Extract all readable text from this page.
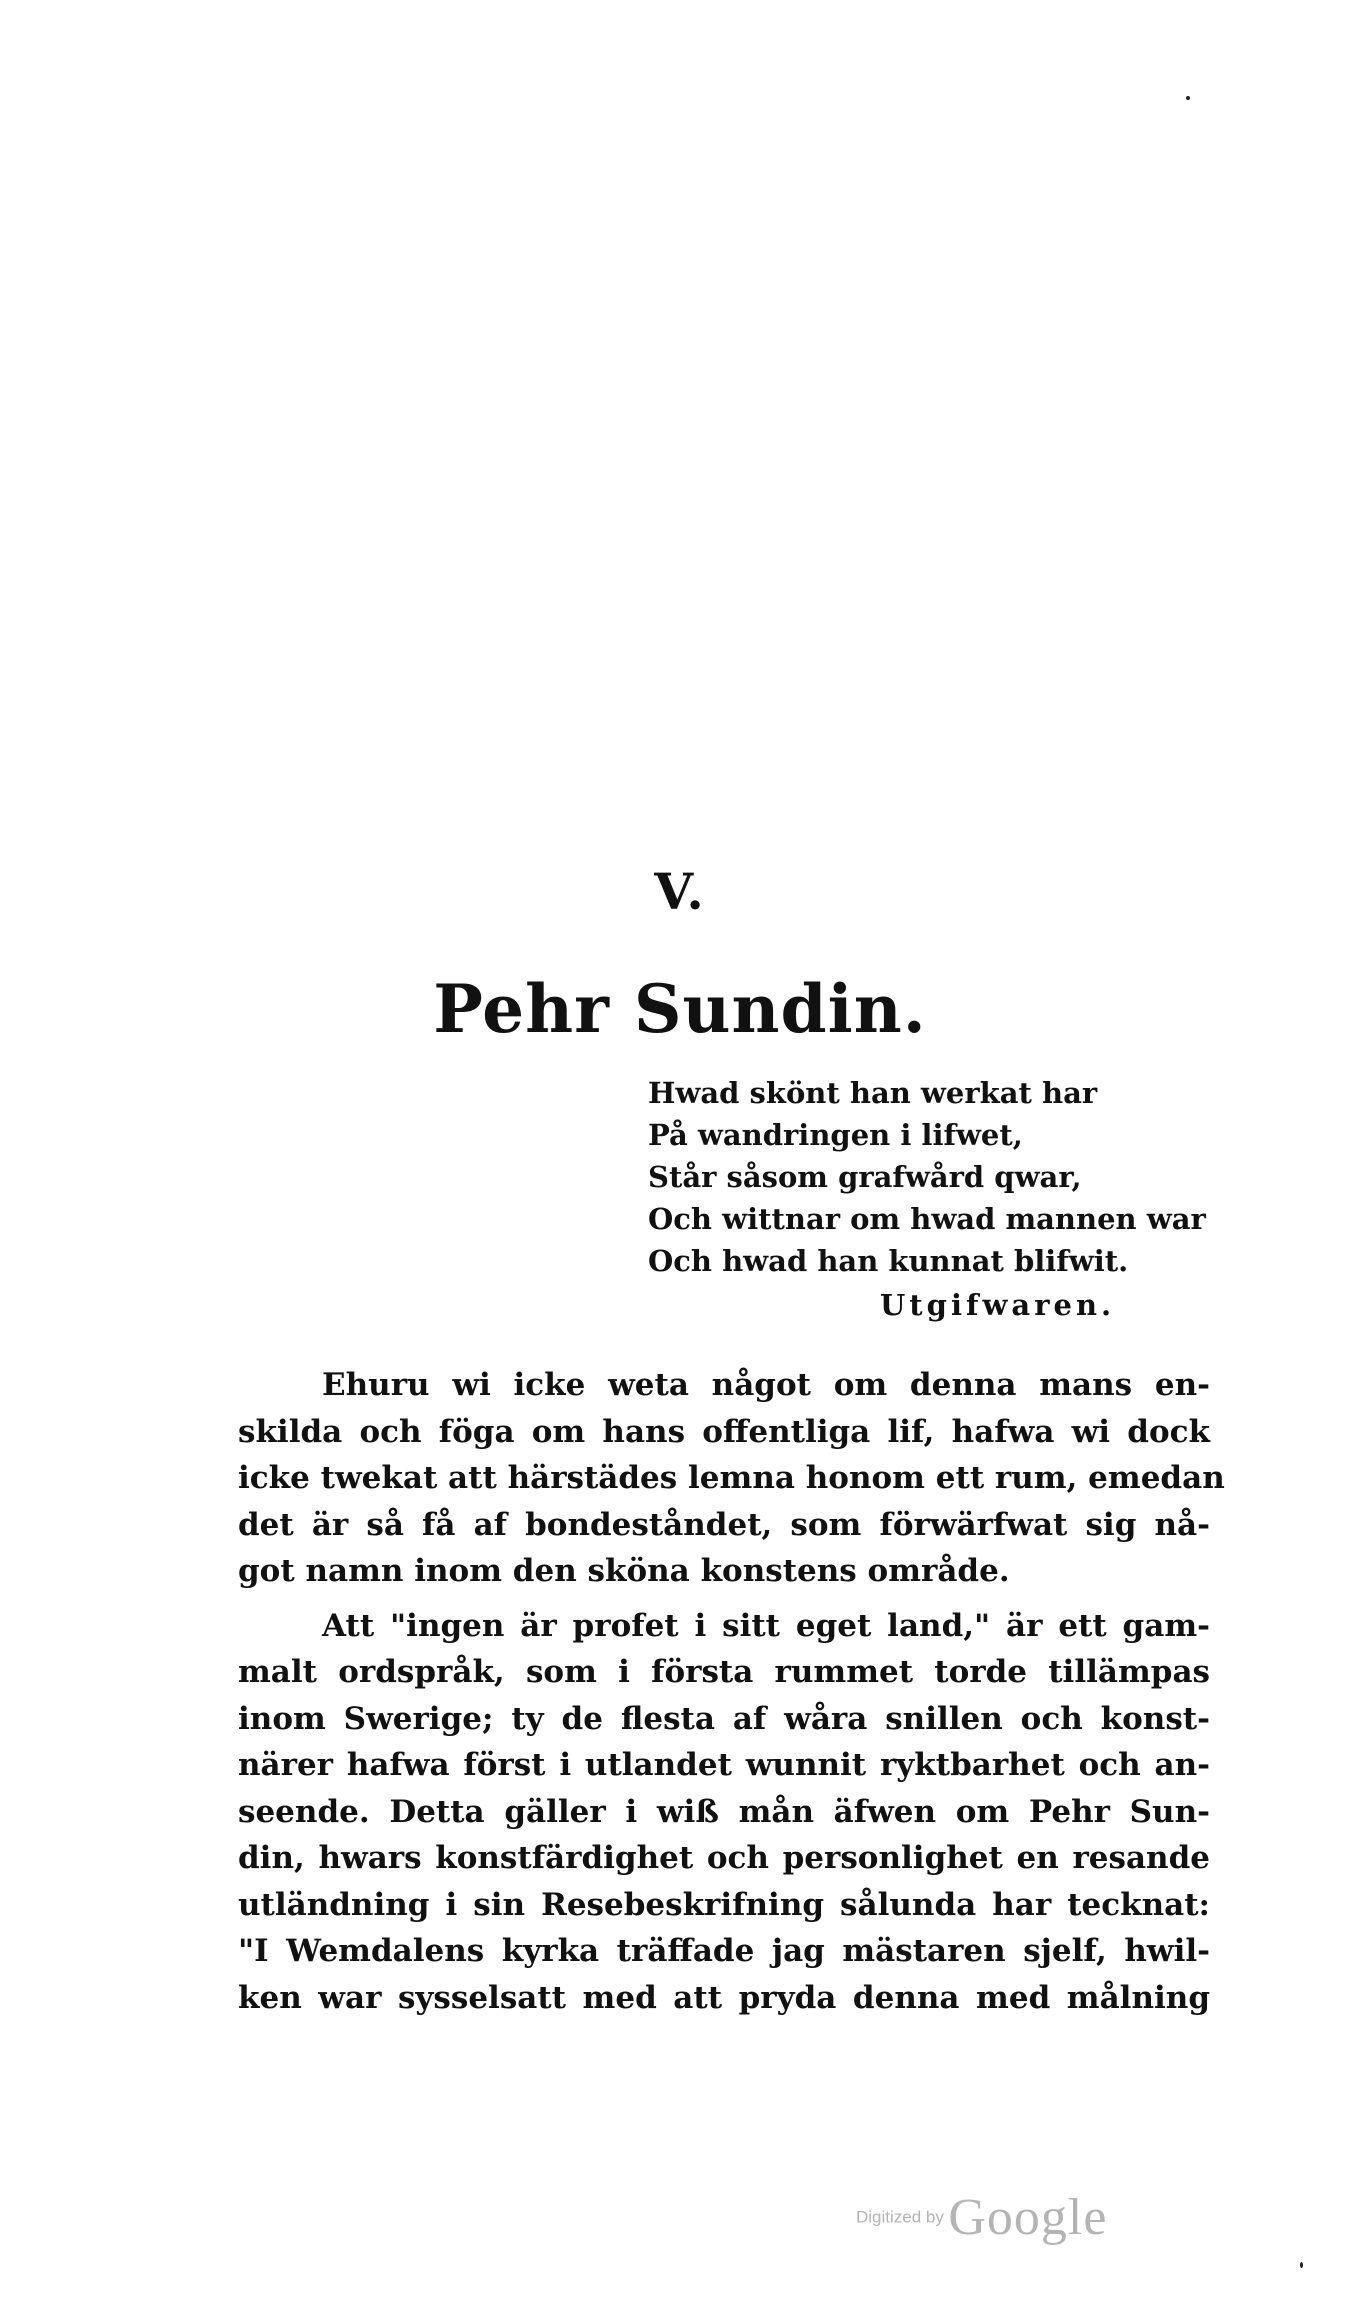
V.
Pehr Sundin.
Hwad skönt han werkat har
På wandringen i lifwet,
Står såsom grafwård qwar,
Och wittnar om hwad mannen war
Och hwad han kunnat blifwit.
Utgifwaren.
Ehuru wi icke weta något om denna mans en-
skilda och föga om hans offentliga lif, hafwa wi dock
icke twekat att härstädes lemna honom ett rum, emedan
det är så få af bondeståndet, som förwärfwat sig nå-
got namn inom den sköna konstens område.
Att "ingen är profet i sitt eget land," är ett gam-
malt ordspråk, som i första rummet torde tillämpas
inom Swerige; ty de flesta af wåra snillen och konst-
närer hafwa först i utlandet wunnit ryktbarhet och an-
seende. Detta gäller i wiß mån äfwen om Pehr Sun-
din, hwars konstfärdighet och personlighet en resande
utländning i sin Resebeskrifning sålunda har tecknat:
"I Wemdalens kyrka träffade jag mästaren sjelf, hwil-
ken war sysselsatt med att pryda denna med målning
Digitized by Google
